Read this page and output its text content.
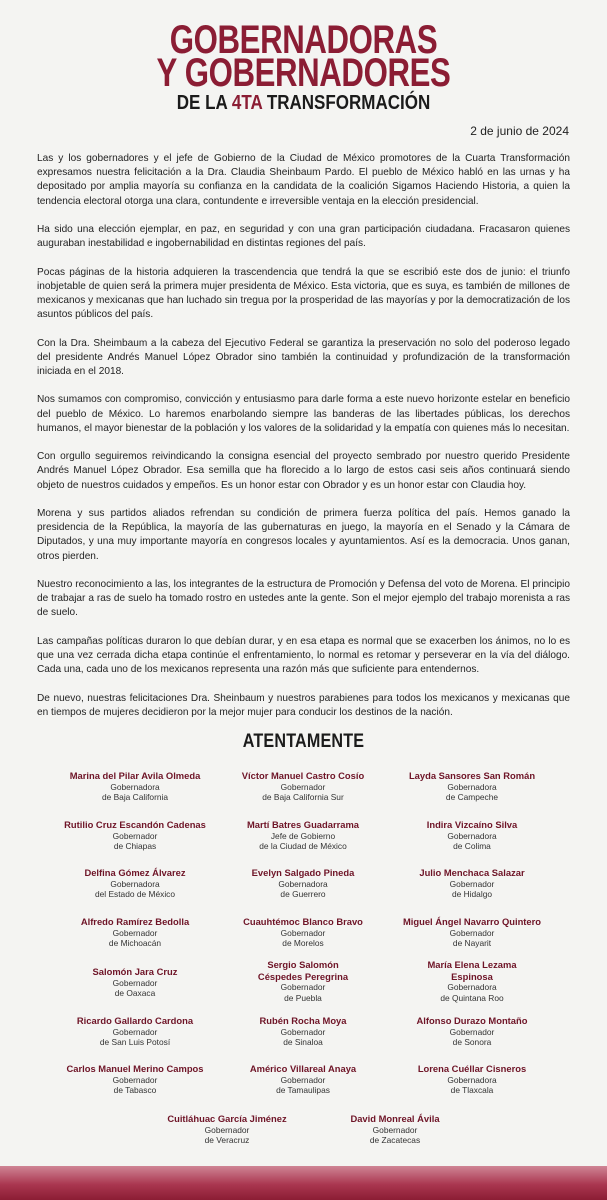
GOBERNADORAS
Y GOBERNADORES
DE LA 4TA TRANSFORMACIÓN
2 de junio de 2024

Las y los gobernadores y el jefe de Gobierno de la Ciudad de México promotores de la Cuarta Transformación expresamos nuestra felicitación a la Dra. Claudia Sheinbaum Pardo. El pueblo de México habló en las urnas y ha depositado por amplia mayoría su confianza en la candidata de la coalición Sigamos Haciendo Historia, a quien la tendencia electoral otorga una clara, contundente e irreversible ventaja en la elección presidencial.

Ha sido una elección ejemplar, en paz, en seguridad y con una gran participación ciudadana. Fracasaron quienes auguraban inestabilidad e ingobernabilidad en distintas regiones del país.

Pocas páginas de la historia adquieren la trascendencia que tendrá la que se escribió este dos de junio: el triunfo inobjetable de quien será la primera mujer presidenta de México. Esta victoria, que es suya, es también de millones de mexicanos y mexicanas que han luchado sin tregua por la prosperidad de las mayorías y por la democratización de los asuntos públicos del país.

Con la Dra. Sheimbaum a la cabeza del Ejecutivo Federal se garantiza la preservación no solo del poderoso legado del presidente Andrés Manuel López Obrador sino también la continuidad y profundización de la transformación iniciada en el 2018.

Nos sumamos con compromiso, convicción y entusiasmo para darle forma a este nuevo horizonte estelar en beneficio del pueblo de México. Lo haremos enarbolando siempre las banderas de las libertades públicas, los derechos humanos, el mayor bienestar de la población y los valores de la solidaridad y la empatía con quienes más lo necesitan.

Con orgullo seguiremos reivindicando la consigna esencial del proyecto sembrado por nuestro querido Presidente Andrés Manuel López Obrador. Esa semilla que ha florecido a lo largo de estos casi seis años continuará siendo objeto de nuestros cuidados y empeños. Es un honor estar con Obrador y es un honor estar con Claudia hoy.

Morena y sus partidos aliados refrendan su condición de primera fuerza política del país. Hemos ganado la presidencia de la República, la mayoría de las gubernaturas en juego, la mayoría en el Senado y la Cámara de Diputados, y una muy importante mayoría en congresos locales y ayuntamientos. Así es la democracia. Unos ganan, otros pierden.

Nuestro reconocimiento a las, los integrantes de la estructura de Promoción y Defensa del voto de Morena. El principio de trabajar a ras de suelo ha tomado rostro en ustedes ante la gente. Son el mejor ejemplo del trabajo morenista a ras de suelo.

Las campañas políticas duraron lo que debían durar, y en esa etapa es normal que se exacerben los ánimos, no lo es que una vez cerrada dicha etapa continúe el enfrentamiento, lo normal es retomar y perseverar en la vía del diálogo. Cada una, cada uno de los mexicanos representa una razón más que suficiente para entendernos.

De nuevo, nuestras felicitaciones Dra. Sheinbaum y nuestros parabienes para todos los mexicanos y mexicanas que en tiempos de mujeres decidieron por la mejor mujer para conducir los destinos de la nación.

ATENTAMENTE
Marina del Pilar Avila Olmeda
Gobernadora
de Baja California
Víctor Manuel Castro Cosío
Gobernador
de Baja California Sur
Layda Sansores San Román
Gobernadora
de Campeche
Rutilio Cruz Escandón Cadenas
Gobernador
de Chiapas
Martí Batres Guadarrama
Jefe de Gobierno
de la Ciudad de México
Indira Vizcaíno Silva
Gobernadora
de Colima
Delfina Gómez Álvarez
Gobernadora
del Estado de México
Evelyn Salgado Pineda
Gobernadora
de Guerrero
Julio Menchaca Salazar
Gobernador
de Hidalgo
Alfredo Ramírez Bedolla
Gobernador
de Michoacán
Cuauhtémoc Blanco Bravo
Gobernador
de Morelos
Miguel Ángel Navarro Quintero
Gobernador
de Nayarit
Salomón Jara Cruz
Gobernador
de Oaxaca
Sergio Salomón Céspedes Peregrina
Gobernador
de Puebla
María Elena Lezama Espinosa
Gobernadora
de Quintana Roo
Ricardo Gallardo Cardona
Gobernador
de San Luis Potosí
Rubén Rocha Moya
Gobernador
de Sinaloa
Alfonso Durazo Montaño
Gobernador
de Sonora
Carlos Manuel Merino Campos
Gobernador
de Tabasco
Américo Villareal Anaya
Gobernador
de Tamaulipas
Lorena Cuéllar Cisneros
Gobernadora
de Tlaxcala
Cuitláhuac García Jiménez
Gobernador
de Veracruz
David Monreal Ávila
Gobernador
de Zacatecas
